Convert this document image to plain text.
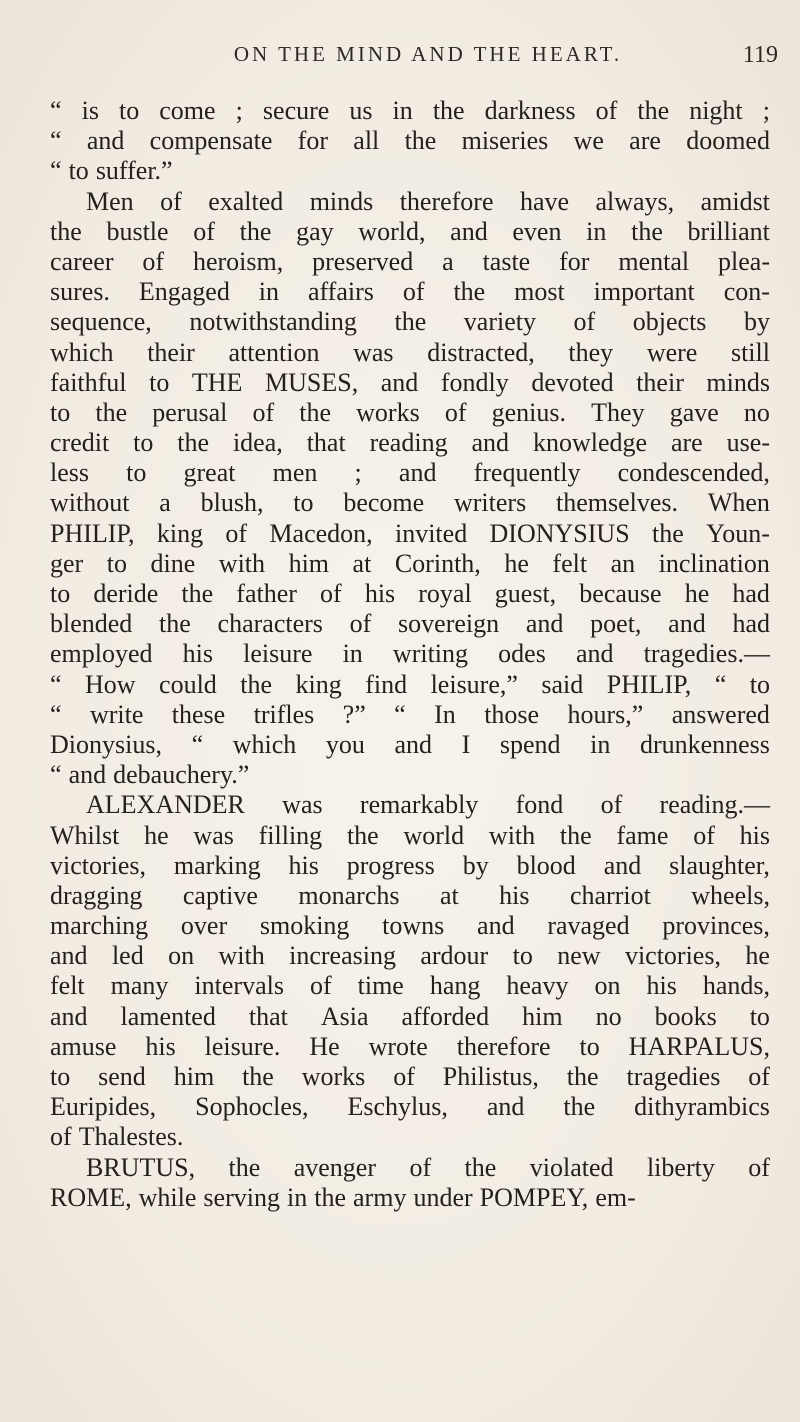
ON THE MIND AND THE HEART.	119
“ is to come ; secure us in the darkness of the night ;
“ and compensate for all the miseries we are doomed
“ to suffer.”
Men of exalted minds therefore have always, amidst
the bustle of the gay world, and even in the brilliant
career of heroism, preserved a taste for mental plea-
sures. Engaged in affairs of the most important con-
sequence, notwithstanding the variety of objects by
which their attention was distracted, they were still
faithful to THE MUSES, and fondly devoted their minds
to the perusal of the works of genius. They gave no
credit to the idea, that reading and knowledge are use-
less to great men ; and frequently condescended,
without a blush, to become writers themselves. When
PHILIP, king of Macedon, invited DIONYSIUS the Youn-
ger to dine with him at Corinth, he felt an inclination
to deride the father of his royal guest, because he had
blended the characters of sovereign and poet, and had
employed his leisure in writing odes and tragedies.—
“ How could the king find leisure,” said PHILIP, “ to
“ write these trifles ?” “ In those hours,” answered
Dionysius, “ which you and I spend in drunkenness
“ and debauchery.”
ALEXANDER was remarkably fond of reading.—
Whilst he was filling the world with the fame of his
victories, marking his progress by blood and slaughter,
dragging captive monarchs at his charriot wheels,
marching over smoking towns and ravaged provinces,
and led on with increasing ardour to new victories, he
felt many intervals of time hang heavy on his hands,
and lamented that Asia afforded him no books to
amuse his leisure. He wrote therefore to HARPALUS,
to send him the works of Philistus, the tragedies of
Euripides, Sophocles, Eschylus, and the dithyrambics
of Thalestes.
BRUTUS, the avenger of the violated liberty of
ROME, while serving in the army under POMPEY, em-
